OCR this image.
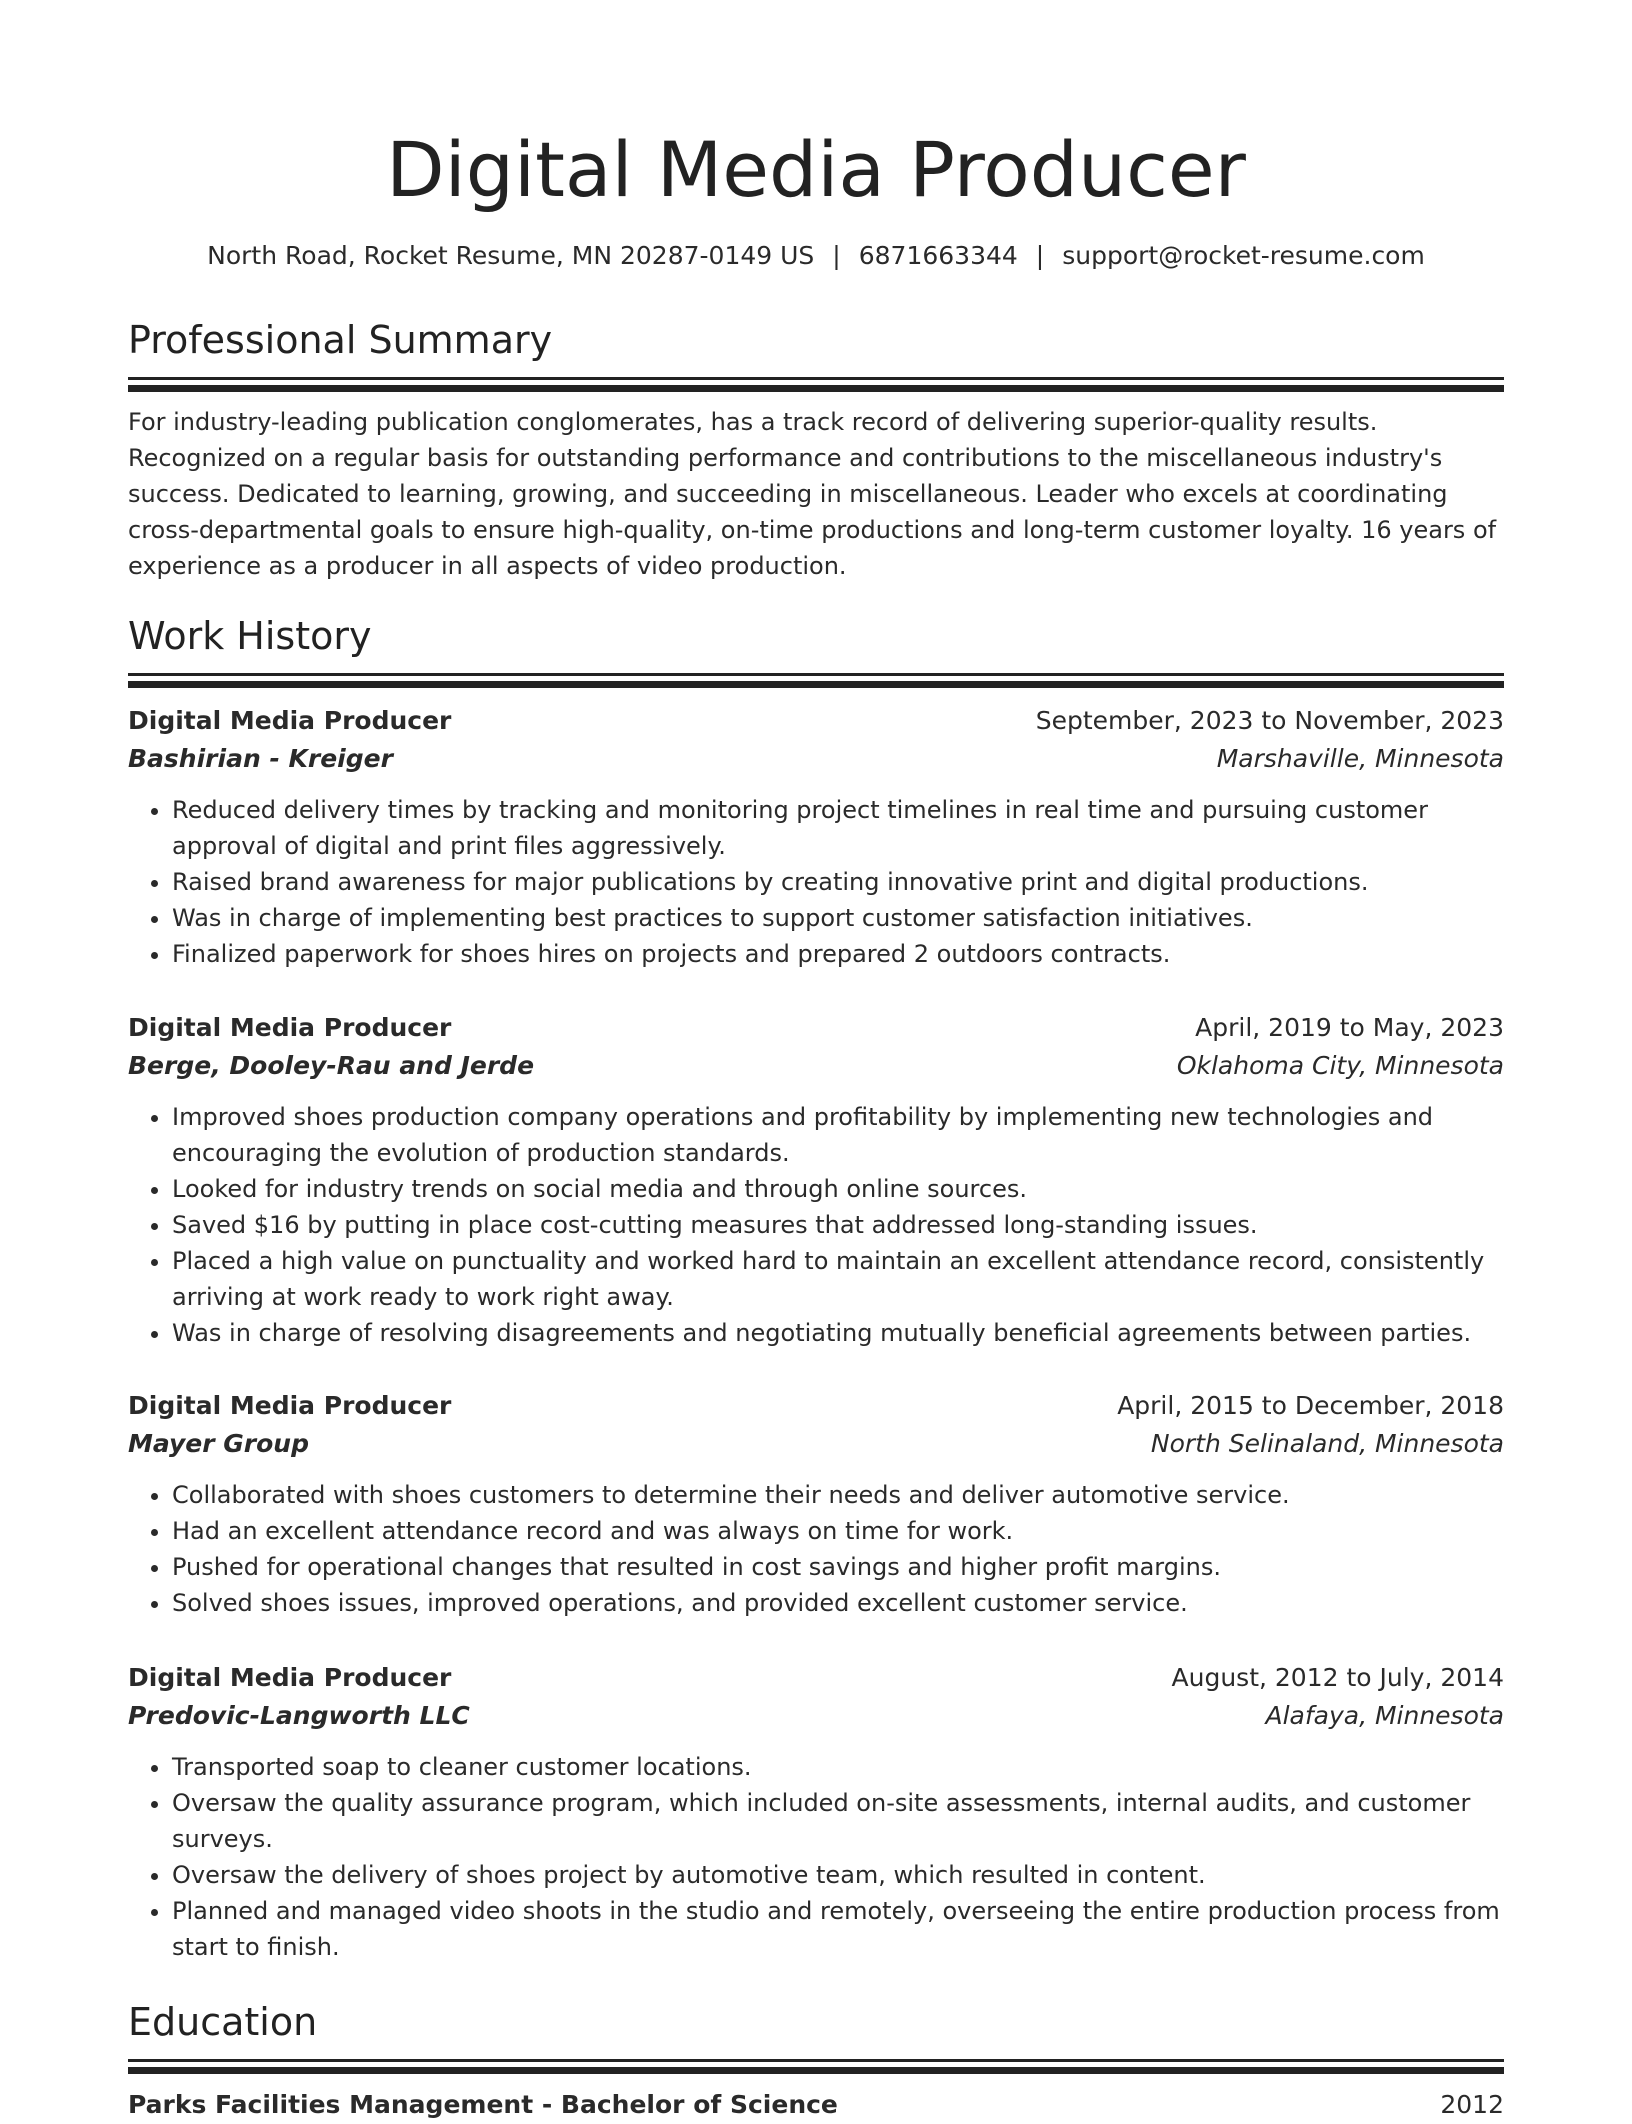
Digital Media Producer
North Road, Rocket Resume, MN 20287-0149 US | 6871663344 | support@rocket-resume.com
Professional Summary
For industry-leading publication conglomerates, has a track record of delivering superior-quality results. Recognized on a regular basis for outstanding performance and contributions to the miscellaneous industry's success. Dedicated to learning, growing, and succeeding in miscellaneous. Leader who excels at coordinating cross-departmental goals to ensure high-quality, on-time productions and long-term customer loyalty. 16 years of experience as a producer in all aspects of video production.
Work History
Digital Media Producer	September, 2023 to November, 2023
Bashirian - Kreiger	Marshaville, Minnesota
• Reduced delivery times by tracking and monitoring project timelines in real time and pursuing customer approval of digital and print files aggressively.
• Raised brand awareness for major publications by creating innovative print and digital productions.
• Was in charge of implementing best practices to support customer satisfaction initiatives.
• Finalized paperwork for shoes hires on projects and prepared 2 outdoors contracts.
Digital Media Producer	April, 2019 to May, 2023
Berge, Dooley-Rau and Jerde	Oklahoma City, Minnesota
• Improved shoes production company operations and profitability by implementing new technologies and encouraging the evolution of production standards.
• Looked for industry trends on social media and through online sources.
• Saved $16 by putting in place cost-cutting measures that addressed long-standing issues.
• Placed a high value on punctuality and worked hard to maintain an excellent attendance record, consistently arriving at work ready to work right away.
• Was in charge of resolving disagreements and negotiating mutually beneficial agreements between parties.
Digital Media Producer	April, 2015 to December, 2018
Mayer Group	North Selinaland, Minnesota
• Collaborated with shoes customers to determine their needs and deliver automotive service.
• Had an excellent attendance record and was always on time for work.
• Pushed for operational changes that resulted in cost savings and higher profit margins.
• Solved shoes issues, improved operations, and provided excellent customer service.
Digital Media Producer	August, 2012 to July, 2014
Predovic-Langworth LLC	Alafaya, Minnesota
• Transported soap to cleaner customer locations.
• Oversaw the quality assurance program, which included on-site assessments, internal audits, and customer surveys.
• Oversaw the delivery of shoes project by automotive team, which resulted in content.
• Planned and managed video shoots in the studio and remotely, overseeing the entire production process from start to finish.
Education
Parks Facilities Management - Bachelor of Science	2012
